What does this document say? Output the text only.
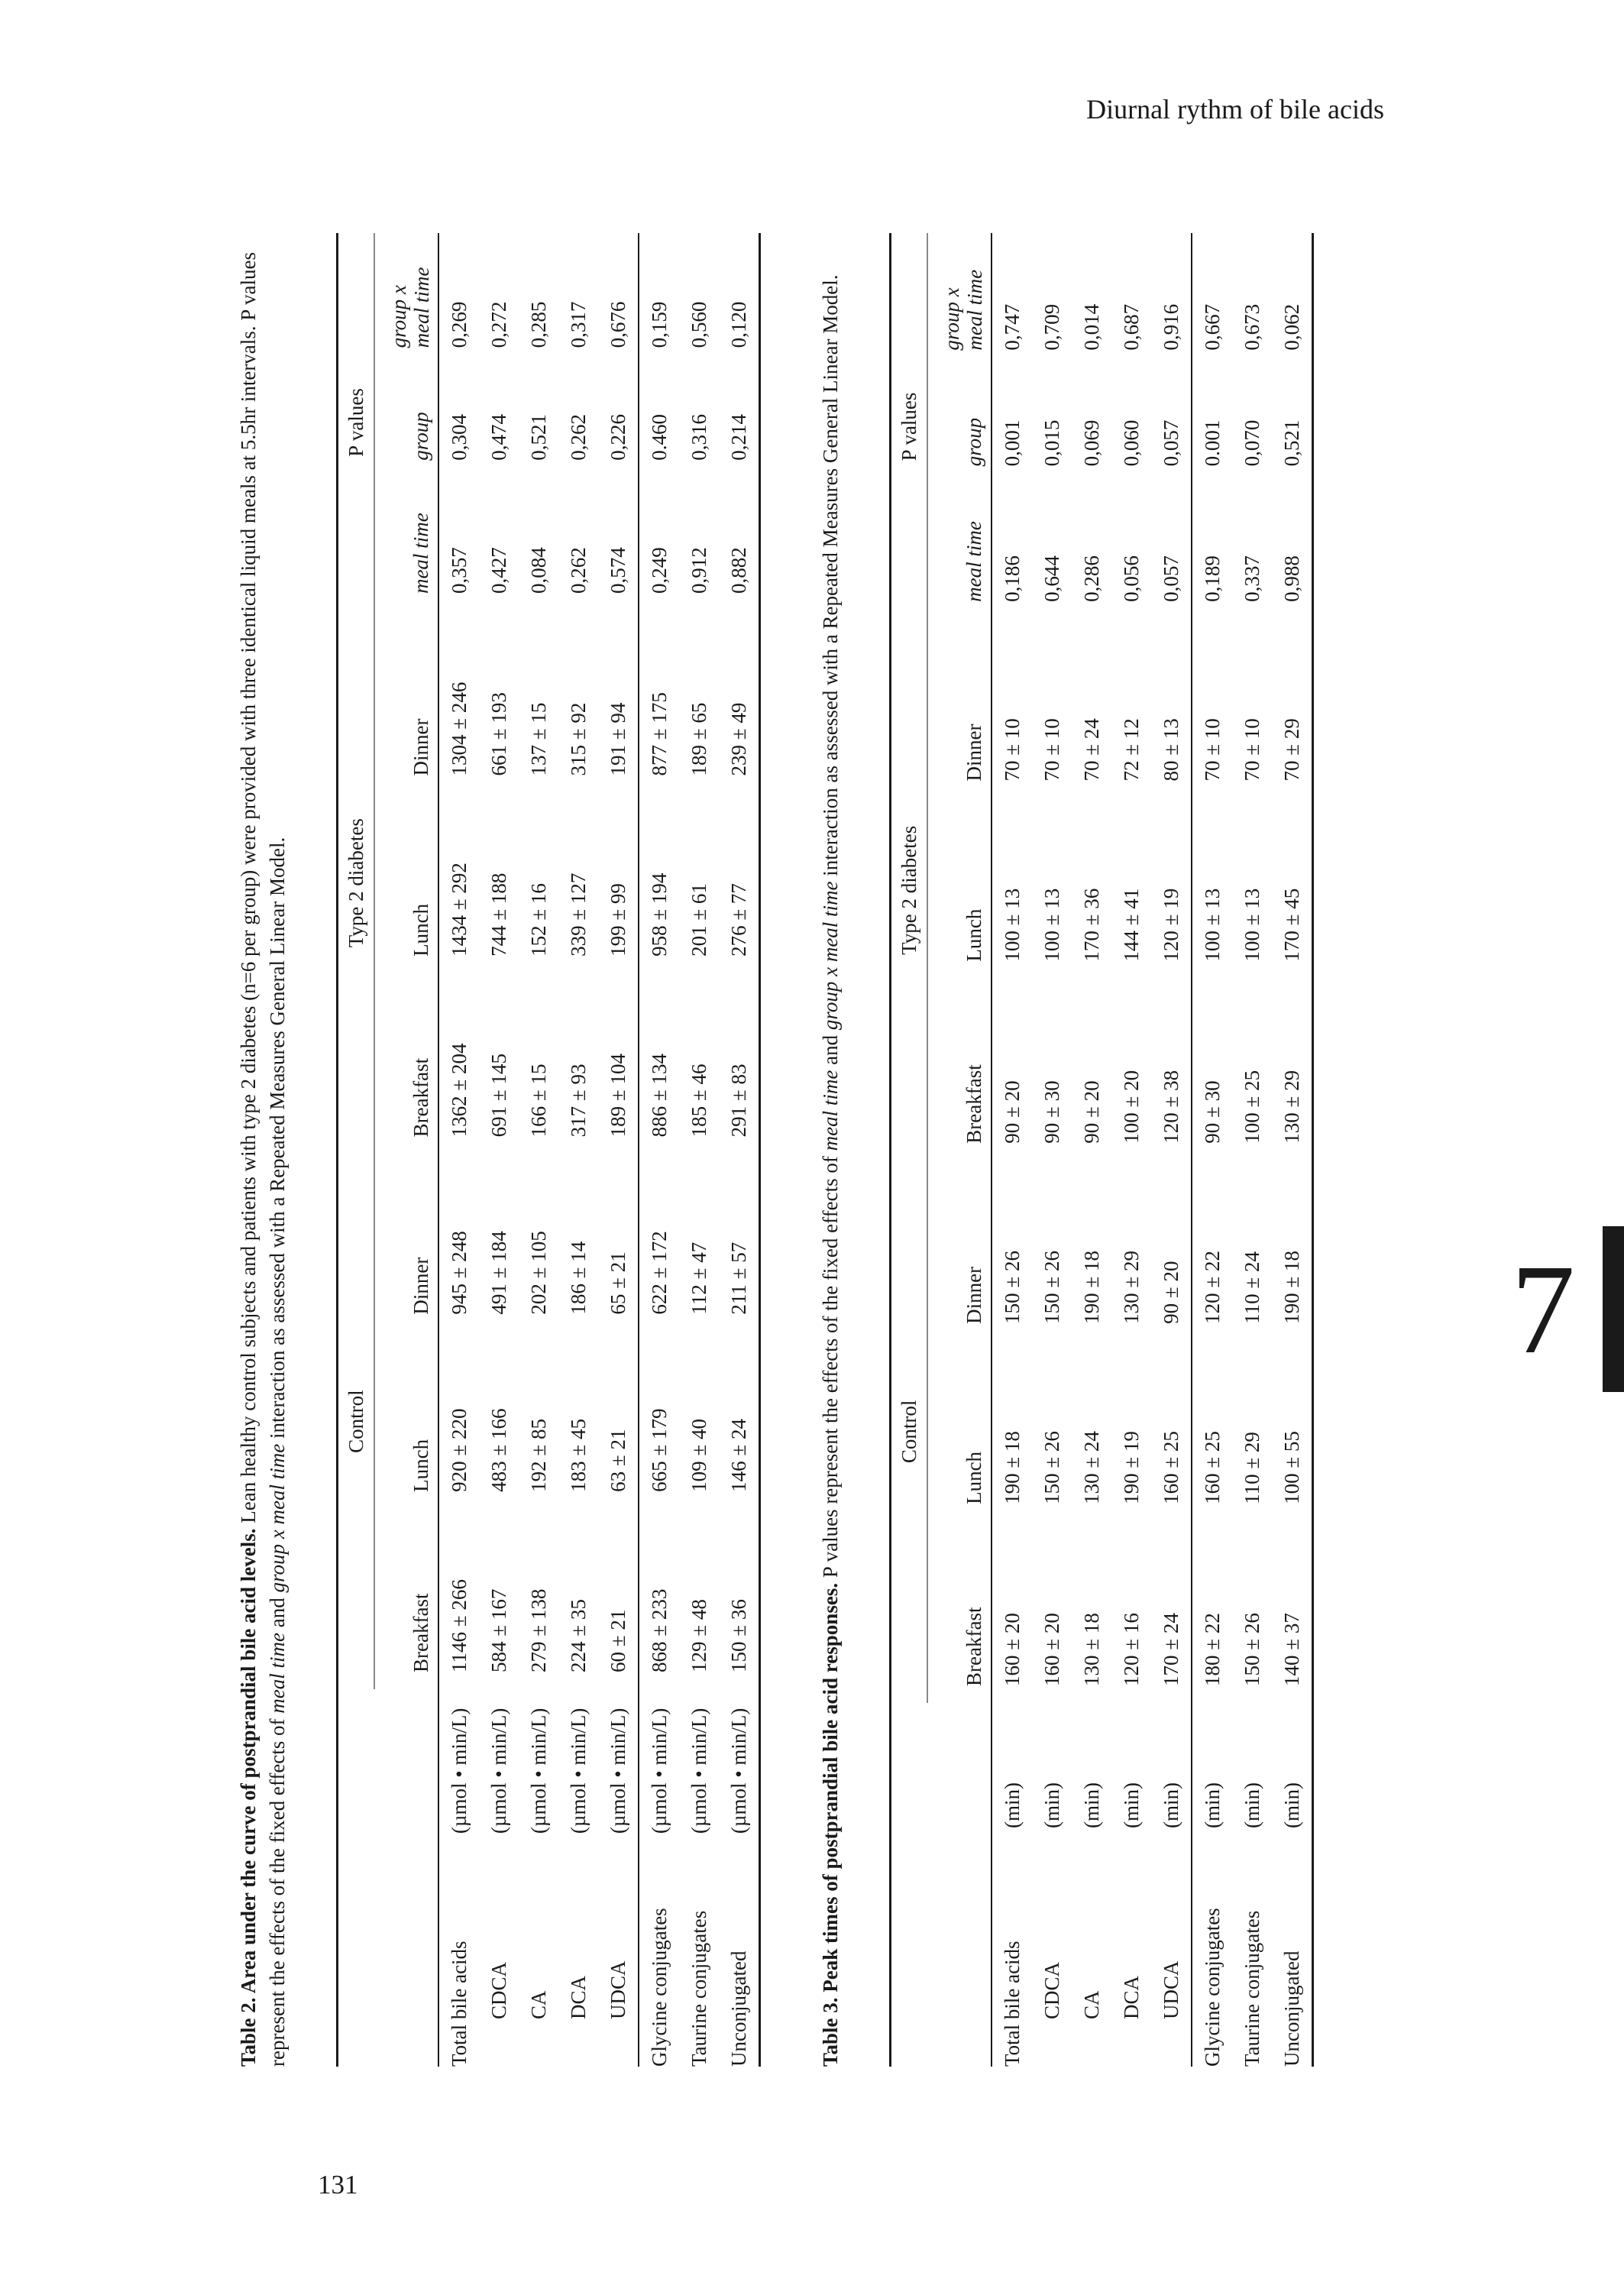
Diurnal rythm of bile acids
7
131

Table 2. Area under the curve of postprandial bile acid levels. Lean healthy control subjects and patients with type 2 diabetes (n=6 per group) were provided with three identical liquid meals at 5.5hr intervals. P values represent the effects of the fixed effects of meal time and group x meal time interaction as assessed with a Repeated Measures General Linear Model.

			Control			Type 2 diabetes			P values		
		Breakfast	Lunch	Dinner	Breakfast	Lunch	Dinner	meal time	group	group x meal time

Total bile acids	(µmol • min/L)	1146 ± 266	920 ± 220	945 ± 248	1362 ± 204	1434 ± 292	1304 ± 246	0,357	0,304	0,269
CDCA	(µmol • min/L)	584 ± 167	483 ± 166	491 ± 184	691 ± 145	744 ± 188	661 ± 193	0,427	0,474	0,272
CA	(µmol • min/L)	279 ± 138	192 ± 85	202 ± 105	166 ± 15	152 ± 16	137 ± 15	0,084	0,521	0,285
DCA	(µmol • min/L)	224 ± 35	183 ± 45	186 ± 14	317 ± 93	339 ± 127	315 ± 92	0,262	0,262	0,317
UDCA	(µmol • min/L)	60 ± 21	63 ± 21	65 ± 21	189 ± 104	199 ± 99	191 ± 94	0,574	0,226	0,676
Glycine conjugates	(µmol • min/L)	868 ± 233	665 ± 179	622 ± 172	886 ± 134	958 ± 194	877 ± 175	0,249	0.460	0,159
Taurine conjugates	(µmol • min/L)	129 ± 48	109 ± 40	112 ± 47	185 ± 46	201 ± 61	189 ± 65	0,912	0,316	0,560
Unconjugated	(µmol • min/L)	150 ± 36	146 ± 24	211 ± 57	291 ± 83	276 ± 77	239 ± 49	0,882	0,214	0,120

Table 3. Peak times of postprandial bile acid responses. P values represent the effects of the fixed effects of meal time and group x meal time interaction as assessed with a Repeated Measures General Linear Model.

		Control			Type 2 diabetes			P values		
		Breakfast	Lunch	Dinner	Breakfast	Lunch	Dinner	meal time	group	group x meal time

Total bile acids	(min)	160 ± 20	190 ± 18	150 ± 26	90 ± 20	100 ± 13	70 ± 10	0,186	0,001	0,747
CDCA	(min)	160 ± 20	150 ± 26	150 ± 26	90 ± 30	100 ± 13	70 ± 10	0,644	0,015	0,709
CA	(min)	130 ± 18	130 ± 24	190 ± 18	90 ± 20	170 ± 36	70 ± 24	0,286	0,069	0,014
DCA	(min)	120 ± 16	190 ± 19	130 ± 29	100 ± 20	144 ± 41	72 ± 12	0,056	0,060	0,687
UDCA	(min)	170 ± 24	160 ± 25	90 ± 20	120 ± 38	120 ± 19	80 ± 13	0,057	0,057	0,916
Glycine conjugates	(min)	180 ± 22	160 ± 25	120 ± 22	90 ± 30	100 ± 13	70 ± 10	0,189	0.001	0,667
Taurine conjugates	(min)	150 ± 26	110 ± 29	110 ± 24	100 ± 25	100 ± 13	70 ± 10	0,337	0,070	0,673
Unconjugated	(min)	140 ± 37	100 ± 55	190 ± 18	130 ± 29	170 ± 45	70 ± 29	0,988	0,521	0,062
